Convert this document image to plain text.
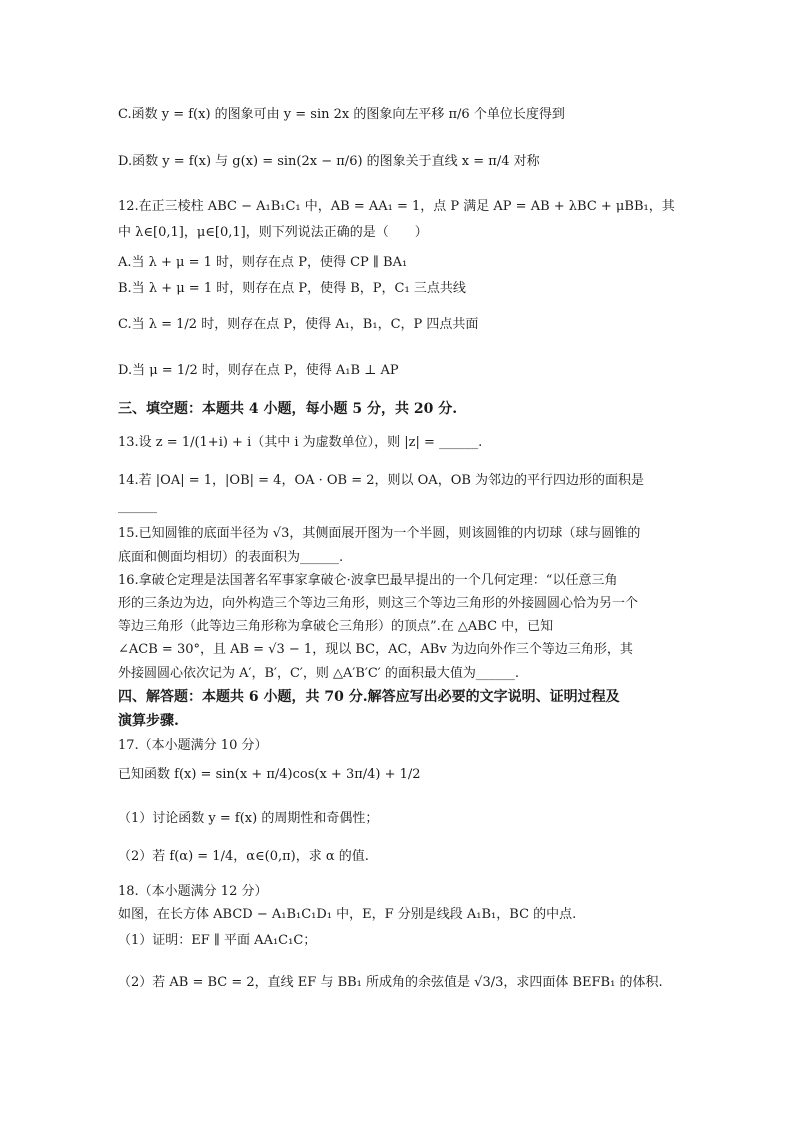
C.函数 y = f(x) 的图象可由 y = sin 2x 的图象向左平移 π/6 个单位长度得到
D.函数 y = f(x) 与 g(x) = sin(2x − π/6) 的图象关于直线 x = π/4 对称
12.在正三棱柱 ABC − A₁B₁C₁ 中，AB = AA₁ = 1，点 P 满足 AP = AB + λBC + μBB₁，其
中 λ∈[0,1]，μ∈[0,1]，则下列说法正确的是（　　）
A.当 λ + μ = 1 时，则存在点 P，使得 CP ∥ BA₁
B.当 λ + μ = 1 时，则存在点 P，使得 B，P，C₁ 三点共线
C.当 λ = 1/2 时，则存在点 P，使得 A₁，B₁，C，P 四点共面
D.当 μ = 1/2 时，则存在点 P，使得 A₁B ⊥ AP
三、填空题：本题共 4 小题，每小题 5 分，共 20 分.
13.设 z = 1/(1+i) + i（其中 i 为虚数单位），则 |z| = ______.
14.若 |OA| = 1，|OB| = 4，OA · OB = 2，则以 OA，OB 为邻边的平行四边形的面积是
______
15.已知圆锥的底面半径为 √3，其侧面展开图为一个半圆，则该圆锥的内切球（球与圆锥的
底面和侧面均相切）的表面积为______.
16.拿破仑定理是法国著名军事家拿破仑·波拿巴最早提出的一个几何定理：“以任意三角
形的三条边为边，向外构造三个等边三角形，则这三个等边三角形的外接圆圆心恰为另一个
等边三角形（此等边三角形称为拿破仑三角形）的顶点”.在 △ABC 中，已知
∠ACB = 30°，且 AB = √3 − 1，现以 BC，AC，ABv 为边向外作三个等边三角形，其
外接圆圆心依次记为 A′，B′，C′，则 △A′B′C′ 的面积最大值为______.
四、解答题：本题共 6 小题，共 70 分.解答应写出必要的文字说明、证明过程及
演算步骤.
17.（本小题满分 10 分）
已知函数 f(x) = sin(x + π/4)cos(x + 3π/4) + 1/2
（1）讨论函数 y = f(x) 的周期性和奇偶性；
（2）若 f(α) = 1/4，α∈(0,π)，求 α 的值.
18.（本小题满分 12 分）
如图，在长方体 ABCD − A₁B₁C₁D₁ 中，E，F 分别是线段 A₁B₁，BC 的中点.
（1）证明：EF ∥ 平面 AA₁C₁C；
（2）若 AB = BC = 2，直线 EF 与 BB₁ 所成角的余弦值是 √3/3，求四面体 BEFB₁ 的体积.
